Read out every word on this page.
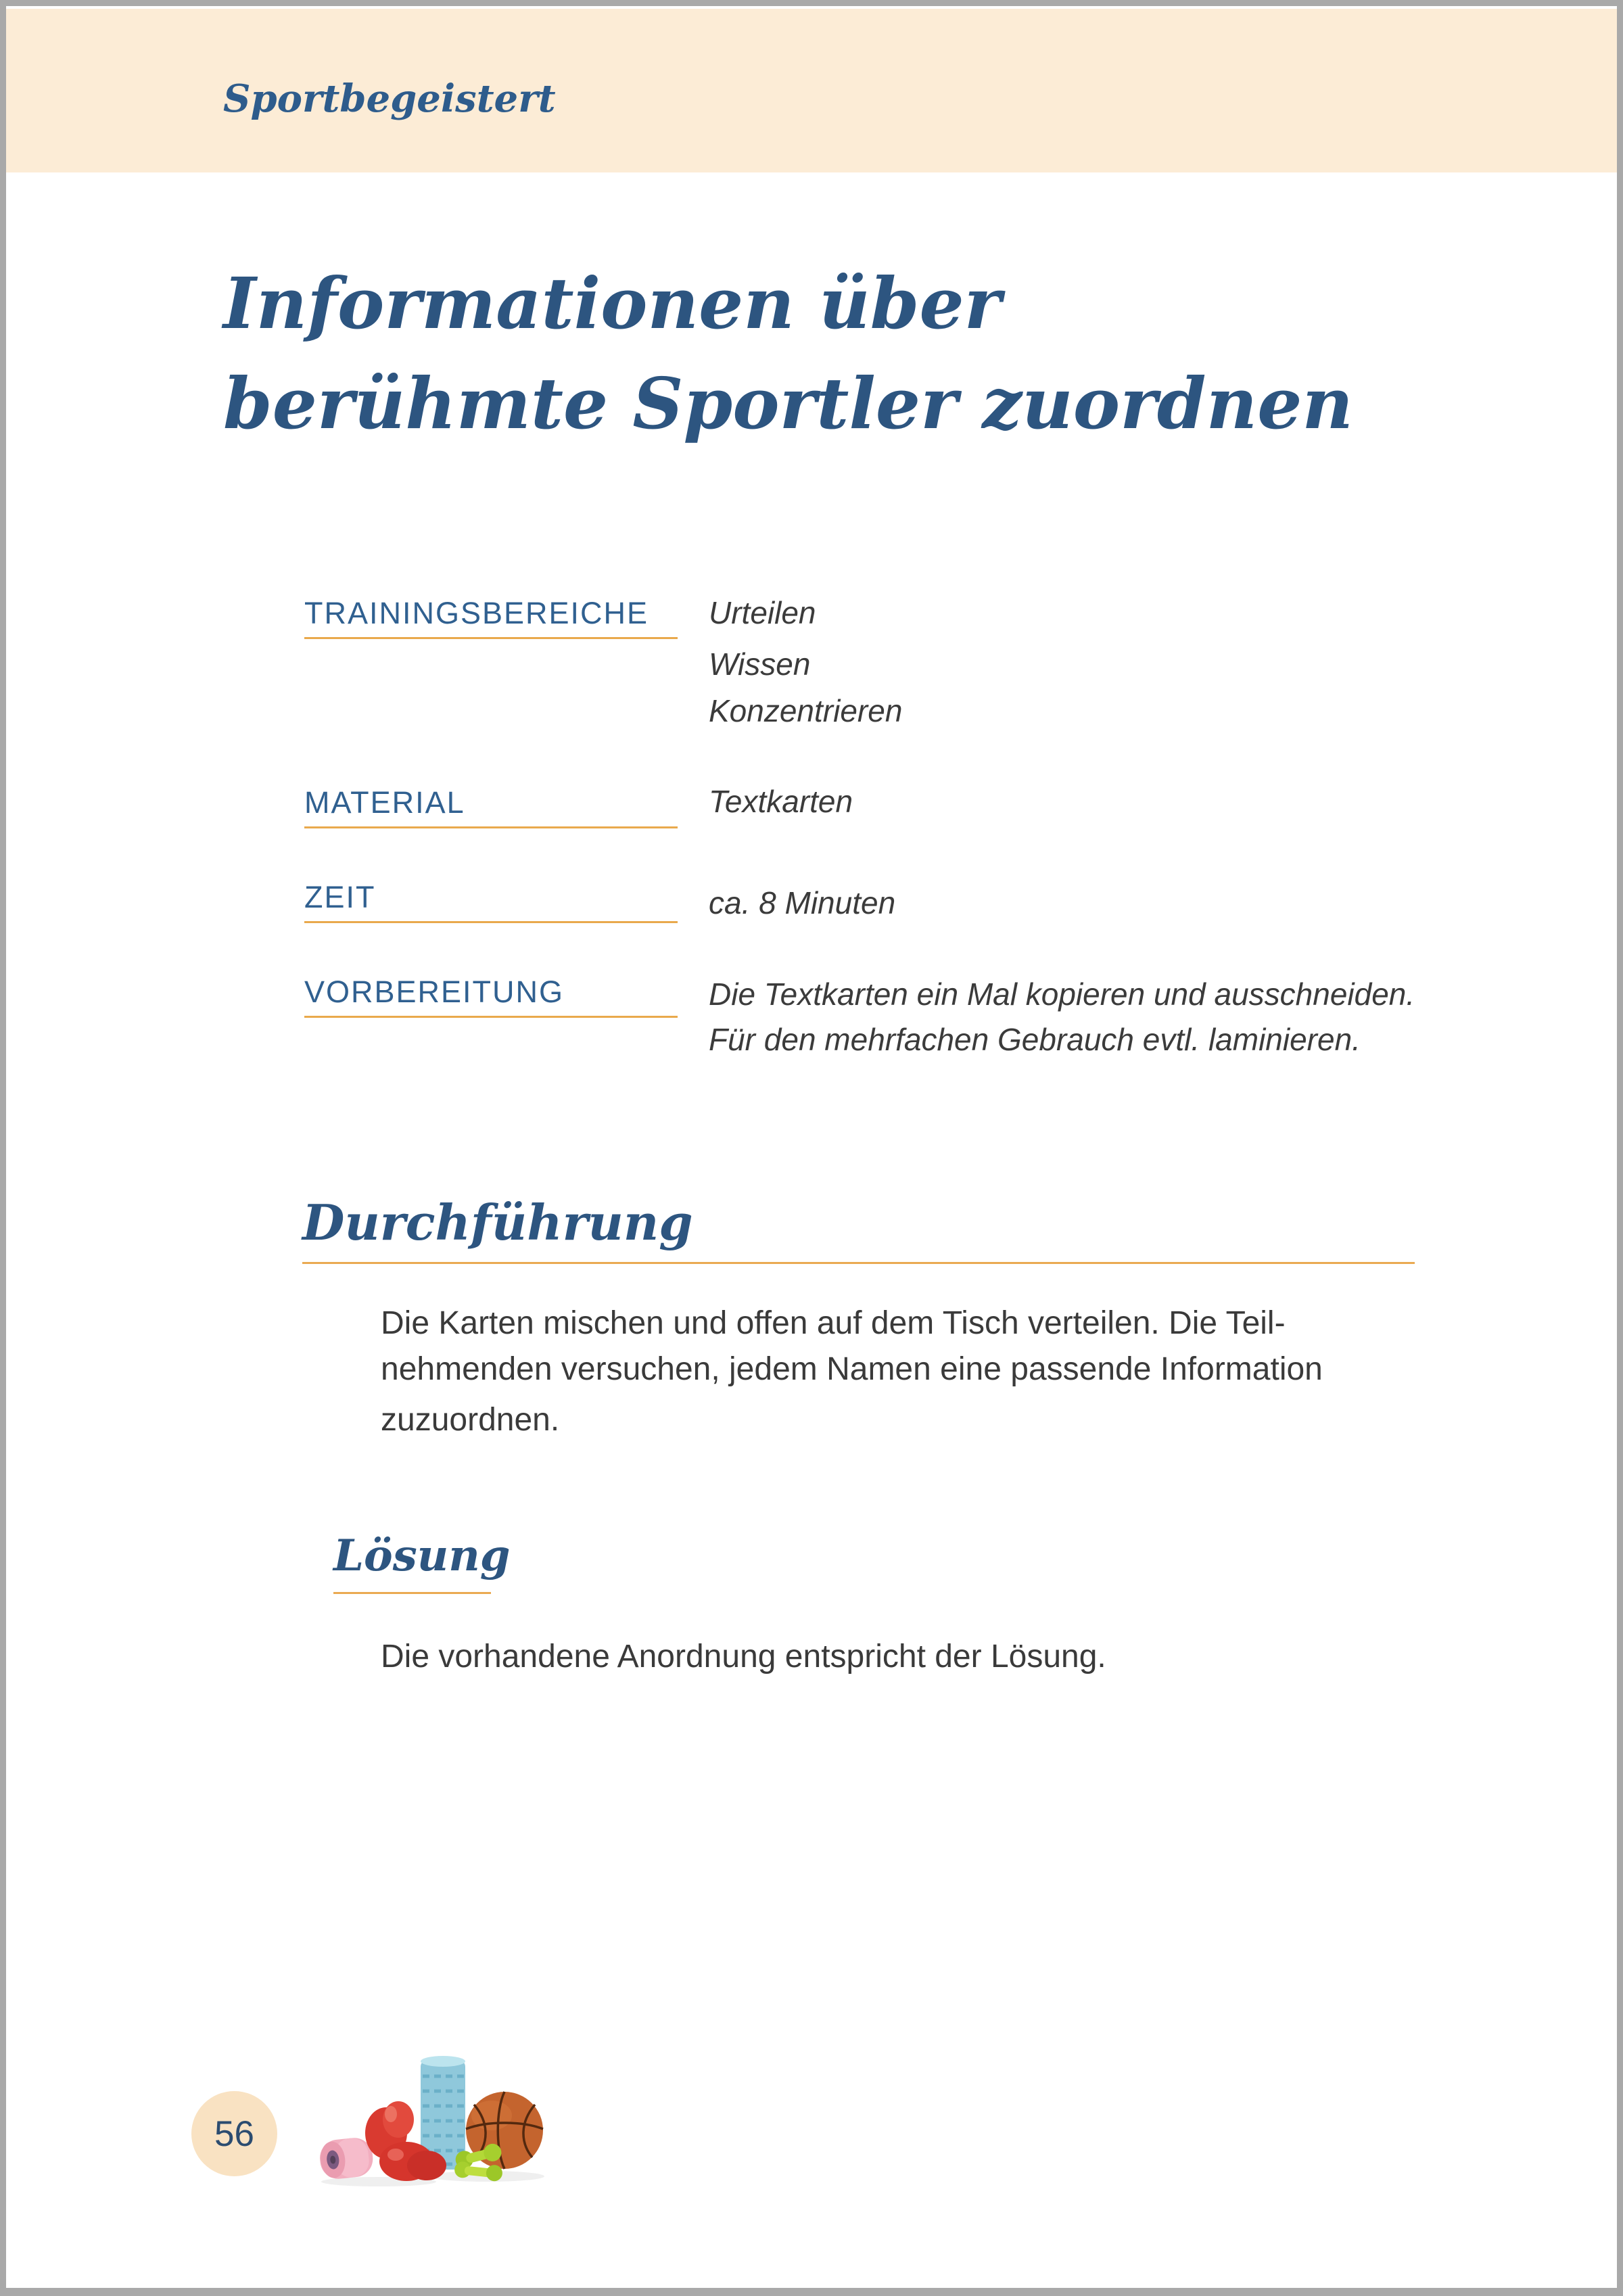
Sportbegeistert
Informationen über
berühmte Sportler zuordnen
TRAININGSBEREICHE	Urteilen
Wissen
Konzentrieren
MATERIAL	Textkarten
ZEIT	ca. 8 Minuten
VORBEREITUNG	Die Textkarten ein Mal kopieren und ausschneiden.
Für den mehrfachen Gebrauch evtl. laminieren.
Durchführung
Die Karten mischen und offen auf dem Tisch verteilen. Die Teil-
nehmenden versuchen, jedem Namen eine passende Information
zuzuordnen.
Lösung
Die vorhandene Anordnung entspricht der Lösung.
56
